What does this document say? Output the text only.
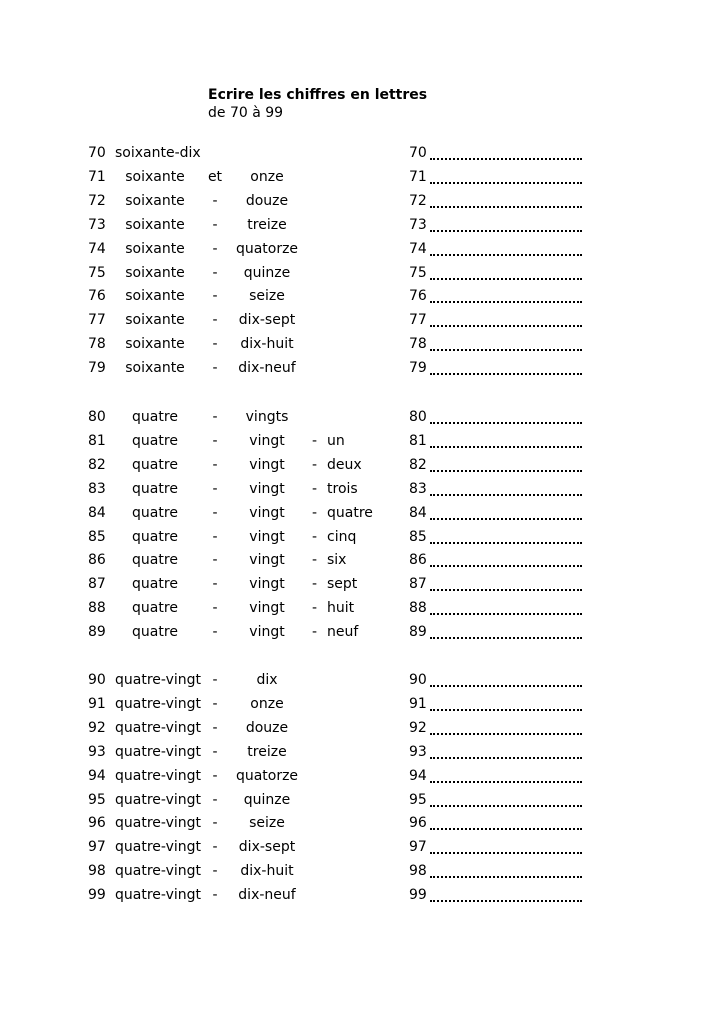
Ecrire les chiffres en lettres
de 70 à 99
70 soixante-dix	70
71	soixante	et	onze	71
72	soixante	-	douze	72
73	soixante	-	treize	73
74	soixante	-	quatorze	74
75	soixante	-	quinze	75
76	soixante	-	seize	76
77	soixante	-	dix-sept	77
78	soixante	-	dix-huit	78
79	soixante	-	dix-neuf	79
80	quatre	-	vingts	80
81	quatre	-	vingt	- un	81
82	quatre	-	vingt	- deux	82
83	quatre	-	vingt	- trois	83
84	quatre	-	vingt	- quatre	84
85	quatre	-	vingt	- cinq	85
86	quatre	-	vingt	- six	86
87	quatre	-	vingt	- sept	87
88	quatre	-	vingt	- huit	88
89	quatre	-	vingt	- neuf	89
90 quatre-vingt -	dix	90
91 quatre-vingt -	onze	91
92 quatre-vingt -	douze	92
93 quatre-vingt -	treize	93
94 quatre-vingt -	quatorze	94
95 quatre-vingt -	quinze	95
96 quatre-vingt -	seize	96
97 quatre-vingt -	dix-sept	97
98 quatre-vingt -	dix-huit	98
99 quatre-vingt -	dix-neuf	99
